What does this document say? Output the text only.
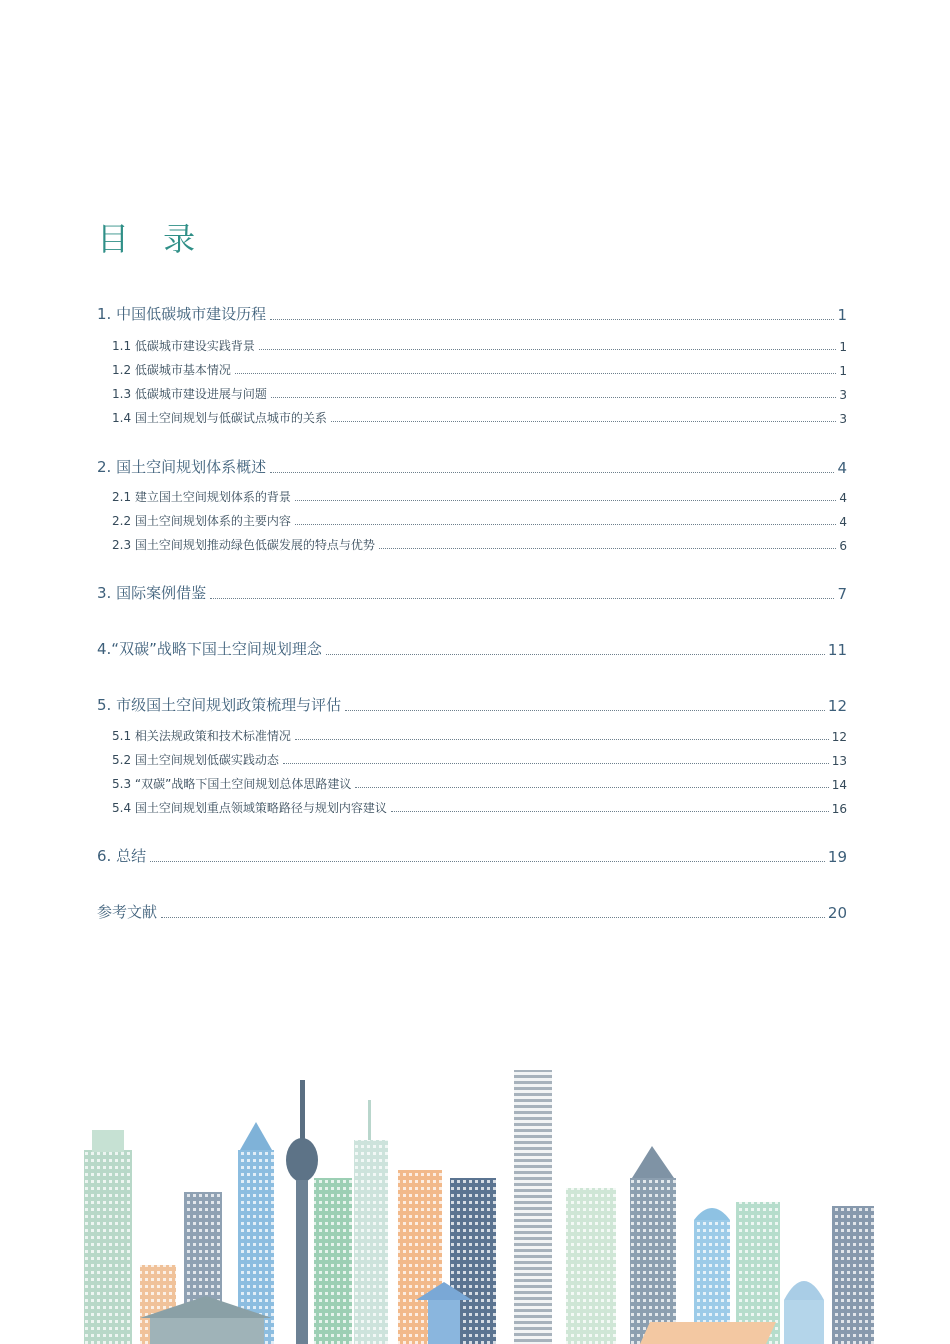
目 录
1. 中国低碳城市建设历程	1
1.1 低碳城市建设实践背景	1
1.2 低碳城市基本情况	1
1.3 低碳城市建设进展与问题	3
1.4 国土空间规划与低碳试点城市的关系	3
2. 国土空间规划体系概述	4
2.1 建立国土空间规划体系的背景	4
2.2 国土空间规划体系的主要内容	4
2.3 国土空间规划推动绿色低碳发展的特点与优势	6
3. 国际案例借鉴	7
4.“双碳”战略下国土空间规划理念	11
5. 市级国土空间规划政策梳理与评估	12
5.1 相关法规政策和技术标准情况	12
5.2 国土空间规划低碳实践动态	13
5.3 “双碳”战略下国土空间规划总体思路建议	14
5.4 国土空间规划重点领域策略路径与规划内容建议	16
6. 总结	19
参考文献	20
